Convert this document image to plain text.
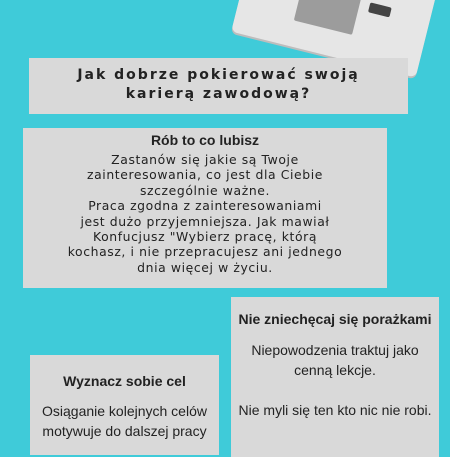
Jak dobrze pokierować swoją

karierą zawodową?

Rób to co lubisz

Zastanów się jakie są Twoje

zainteresowania, co jest dla Ciebie

szczególnie ważne.

Praca zgodna z zainteresowaniami

jest dużo przyjemniejsza. Jak mawiał

Konfucjusz "Wybierz pracę, którą

kochasz, i nie przepracujesz ani jednego

dnia więcej w życiu.

Nie zniechęcaj się porażkami

Niepowodzenia traktuj jako

cenną lekcje.

Nie myli się ten kto nic nie robi.

Wyznacz sobie cel

Osiąganie kolejnych celów

motywuje do dalszej pracy
